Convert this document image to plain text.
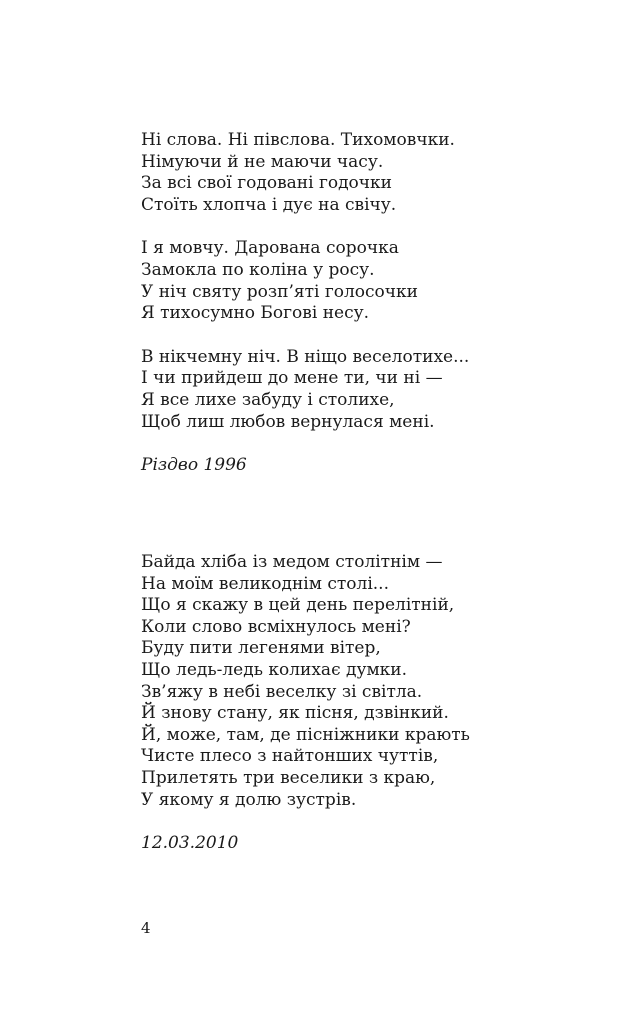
Ні слова. Ні півслова. Тихомовчки.
Німуючи й не маючи часу.
За всі свої годовані годочки
Стоїть хлопча і дує на свічу.
І я мовчу. Дарована сорочка
Замокла по коліна у росу.
У ніч святу розп’яті голосочки
Я тихосумно Богові несу.
В нікчемну ніч. В ніщо веселотихе...
І чи прийдеш до мене ти, чи ні —
Я все лихе забуду і столихе,
Щоб лиш любов вернулася мені.
Різдво 1996
Байда хліба із медом столітнім —
На моїм великоднім столі...
Що я скажу в цей день перелітній,
Коли слово всміхнулось мені?
Буду пити легенями вітер,
Що ледь-ледь колихає думки.
Зв’яжу в небі веселку зі світла.
Й знову стану, як пісня, дзвінкий.
Й, може, там, де пісніжники крають
Чисте плесо з найтонших чуттів,
Прилетять три веселики з краю,
У якому я долю зустрів.
12.03.2010
4
